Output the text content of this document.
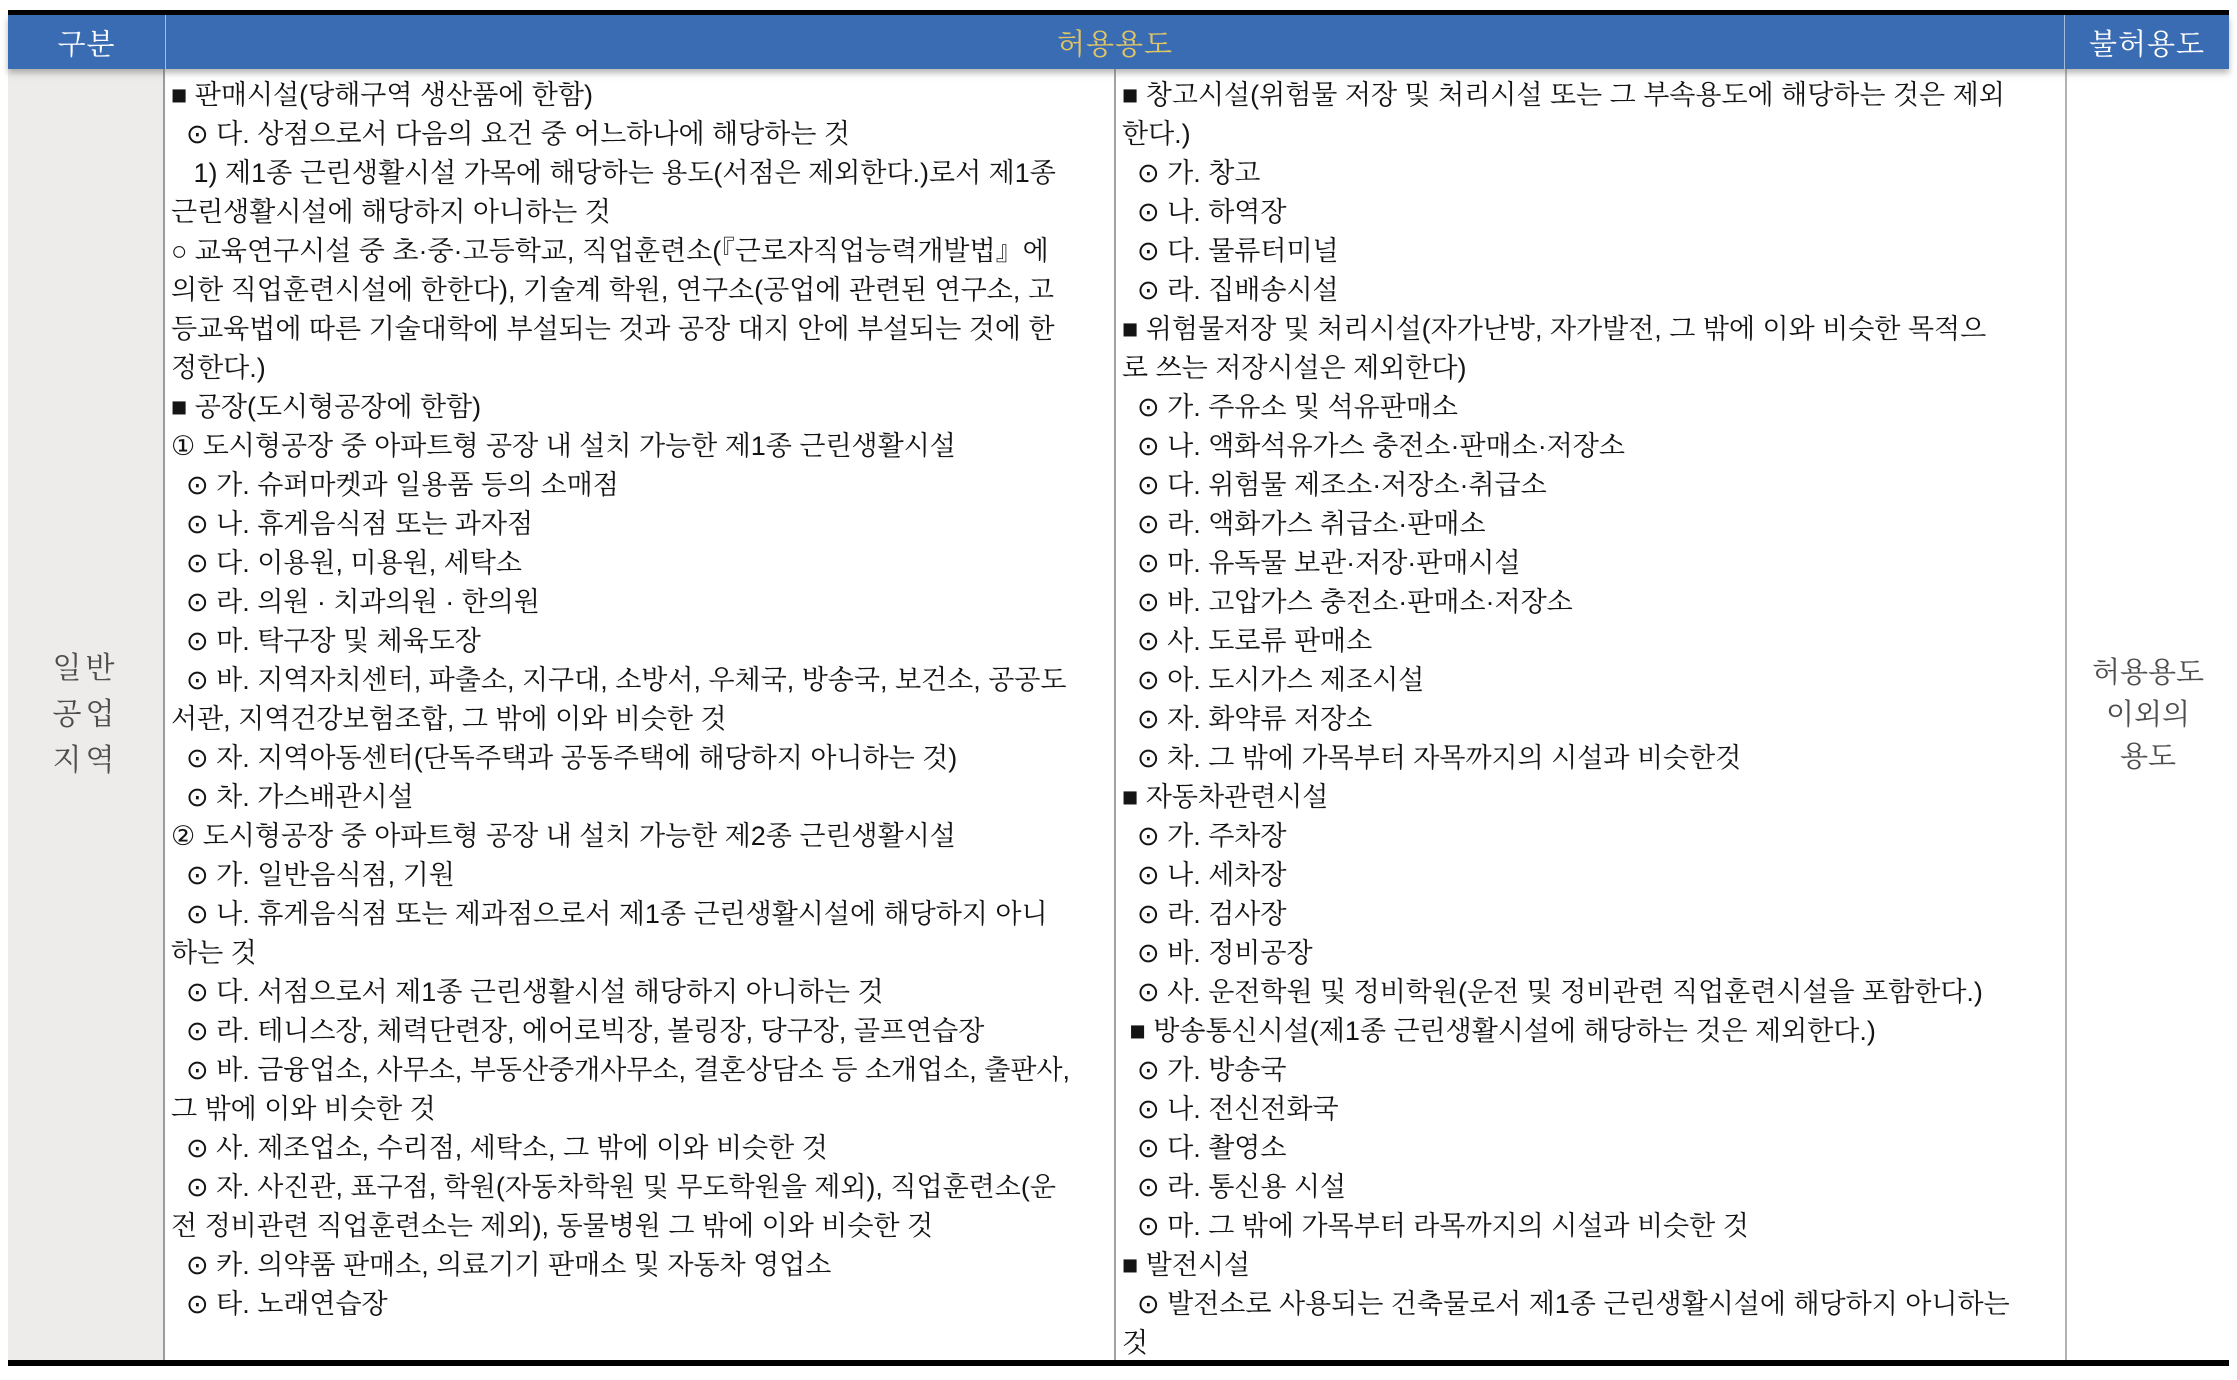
구분	허용용도	불허용도
일반
공업
지역
■ 판매시설(당해구역 생산품에 한함)
⊙ 다. 상점으로서 다음의 요건 중 어느하나에 해당하는 것
1) 제1종 근린생활시설 가목에 해당하는 용도(서점은 제외한다.)로서 제1종
근린생활시설에 해당하지 아니하는 것
○ 교육연구시설 중 초·중·고등학교, 직업훈련소(『근로자직업능력개발법』에
의한 직업훈련시설에 한한다), 기술계 학원, 연구소(공업에 관련된 연구소, 고
등교육법에 따른 기술대학에 부설되는 것과 공장 대지 안에 부설되는 것에 한
정한다.)
■ 공장(도시형공장에 한함)
① 도시형공장 중 아파트형 공장 내 설치 가능한 제1종 근린생활시설
⊙ 가. 슈퍼마켓과 일용품 등의 소매점
⊙ 나. 휴게음식점 또는 과자점
⊙ 다. 이용원, 미용원, 세탁소
⊙ 라. 의원 · 치과의원 · 한의원
⊙ 마. 탁구장 및 체육도장
⊙ 바. 지역자치센터, 파출소, 지구대, 소방서, 우체국, 방송국, 보건소, 공공도
서관, 지역건강보험조합, 그 밖에 이와 비슷한 것
⊙ 자. 지역아동센터(단독주택과 공동주택에 해당하지 아니하는 것)
⊙ 차. 가스배관시설
② 도시형공장 중 아파트형 공장 내 설치 가능한 제2종 근린생활시설
⊙ 가. 일반음식점, 기원
⊙ 나. 휴게음식점 또는 제과점으로서 제1종 근린생활시설에 해당하지 아니
하는 것
⊙ 다. 서점으로서 제1종 근린생활시설 해당하지 아니하는 것
⊙ 라. 테니스장, 체력단련장, 에어로빅장, 볼링장, 당구장, 골프연습장
⊙ 바. 금융업소, 사무소, 부동산중개사무소, 결혼상담소 등 소개업소, 출판사,
그 밖에 이와 비슷한 것
⊙ 사. 제조업소, 수리점, 세탁소, 그 밖에 이와 비슷한 것
⊙ 자. 사진관, 표구점, 학원(자동차학원 및 무도학원을 제외), 직업훈련소(운
전 정비관련 직업훈련소는 제외), 동물병원 그 밖에 이와 비슷한 것
⊙ 카. 의약품 판매소, 의료기기 판매소 및 자동차 영업소
⊙ 타. 노래연습장
■ 창고시설(위험물 저장 및 처리시설 또는 그 부속용도에 해당하는 것은 제외
한다.)
⊙ 가. 창고
⊙ 나. 하역장
⊙ 다. 물류터미널
⊙ 라. 집배송시설
■ 위험물저장 및 처리시설(자가난방, 자가발전, 그 밖에 이와 비슷한 목적으
로 쓰는 저장시설은 제외한다)
⊙ 가. 주유소 및 석유판매소
⊙ 나. 액화석유가스 충전소·판매소·저장소
⊙ 다. 위험물 제조소·저장소·취급소
⊙ 라. 액화가스 취급소·판매소
⊙ 마. 유독물 보관·저장·판매시설
⊙ 바. 고압가스 충전소·판매소·저장소
⊙ 사. 도로류 판매소
⊙ 아. 도시가스 제조시설
⊙ 자. 화약류 저장소
⊙ 차. 그 밖에 가목부터 자목까지의 시설과 비슷한것
■ 자동차관련시설
⊙ 가. 주차장
⊙ 나. 세차장
⊙ 라. 검사장
⊙ 바. 정비공장
⊙ 사. 운전학원 및 정비학원(운전 및 정비관련 직업훈련시설을 포함한다.)
■ 방송통신시설(제1종 근린생활시설에 해당하는 것은 제외한다.)
⊙ 가. 방송국
⊙ 나. 전신전화국
⊙ 다. 촬영소
⊙ 라. 통신용 시설
⊙ 마. 그 밖에 가목부터 라목까지의 시설과 비슷한 것
■ 발전시설
⊙ 발전소로 사용되는 건축물로서 제1종 근린생활시설에 해당하지 아니하는
것
허용용도
이외의
용도
